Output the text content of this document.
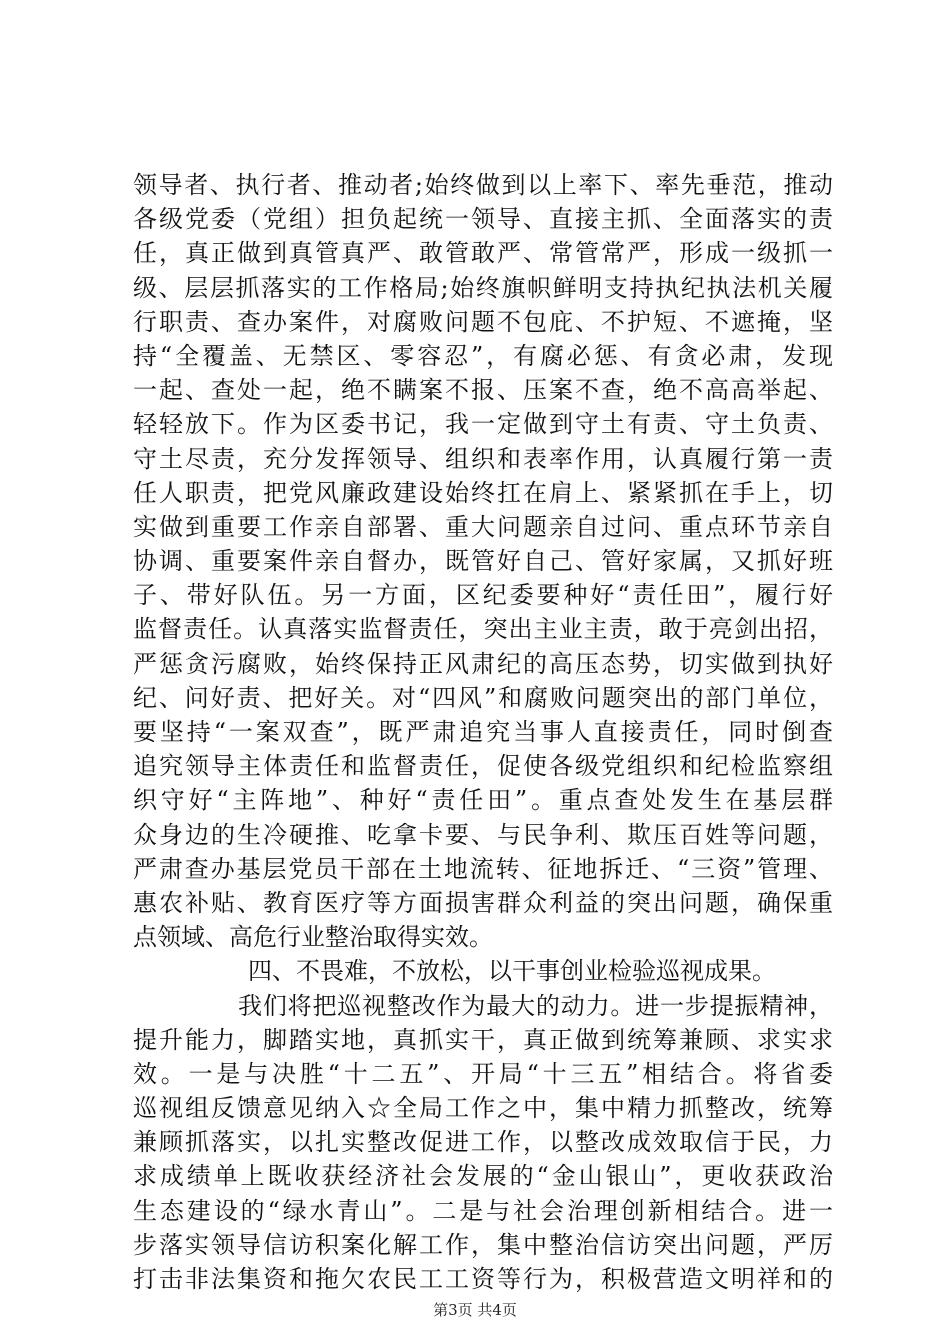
领导者、执行者、推动者;始终做到以上率下、率先垂范，推动
各级党委（党组）担负起统一领导、直接主抓、全面落实的责
任，真正做到真管真严、敢管敢严、常管常严，形成一级抓一
级、层层抓落实的工作格局;始终旗帜鲜明支持执纪执法机关履
行职责、查办案件，对腐败问题不包庇、不护短、不遮掩，坚
持“全覆盖、无禁区、零容忍”，有腐必惩、有贪必肃，发现
一起、查处一起，绝不瞒案不报、压案不查，绝不高高举起、
轻轻放下。作为区委书记，我一定做到守土有责、守土负责、
守土尽责，充分发挥领导、组织和表率作用，认真履行第一责
任人职责，把党风廉政建设始终扛在肩上、紧紧抓在手上，切
实做到重要工作亲自部署、重大问题亲自过问、重点环节亲自
协调、重要案件亲自督办，既管好自己、管好家属，又抓好班
子、带好队伍。另一方面，区纪委要种好“责任田”，履行好
监督责任。认真落实监督责任，突出主业主责，敢于亮剑出招，
严惩贪污腐败，始终保持正风肃纪的高压态势，切实做到执好
纪、问好责、把好关。对“四风”和腐败问题突出的部门单位，
要坚持“一案双查”，既严肃追究当事人直接责任，同时倒查
追究领导主体责任和监督责任，促使各级党组织和纪检监察组
织守好“主阵地”、种好“责任田”。重点查处发生在基层群
众身边的生冷硬推、吃拿卡要、与民争利、欺压百姓等问题，
严肃查办基层党员干部在土地流转、征地拆迁、“三资”管理、
惠农补贴、教育医疗等方面损害群众利益的突出问题，确保重
点领域、高危行业整治取得实效。
四、不畏难，不放松，以干事创业检验巡视成果。
我们将把巡视整改作为最大的动力。进一步提振精神，
提升能力，脚踏实地，真抓实干，真正做到统筹兼顾、求实求
效。一是与决胜“十二五”、开局“十三五”相结合。将省委
巡视组反馈意见纳入☆全局工作之中，集中精力抓整改，统筹
兼顾抓落实，以扎实整改促进工作，以整改成效取信于民，力
求成绩单上既收获经济社会发展的“金山银山”，更收获政治
生态建设的“绿水青山”。二是与社会治理创新相结合。进一
步落实领导信访积案化解工作，集中整治信访突出问题，严厉
打击非法集资和拖欠农民工工资等行为，积极营造文明祥和的
第3页 共4页
